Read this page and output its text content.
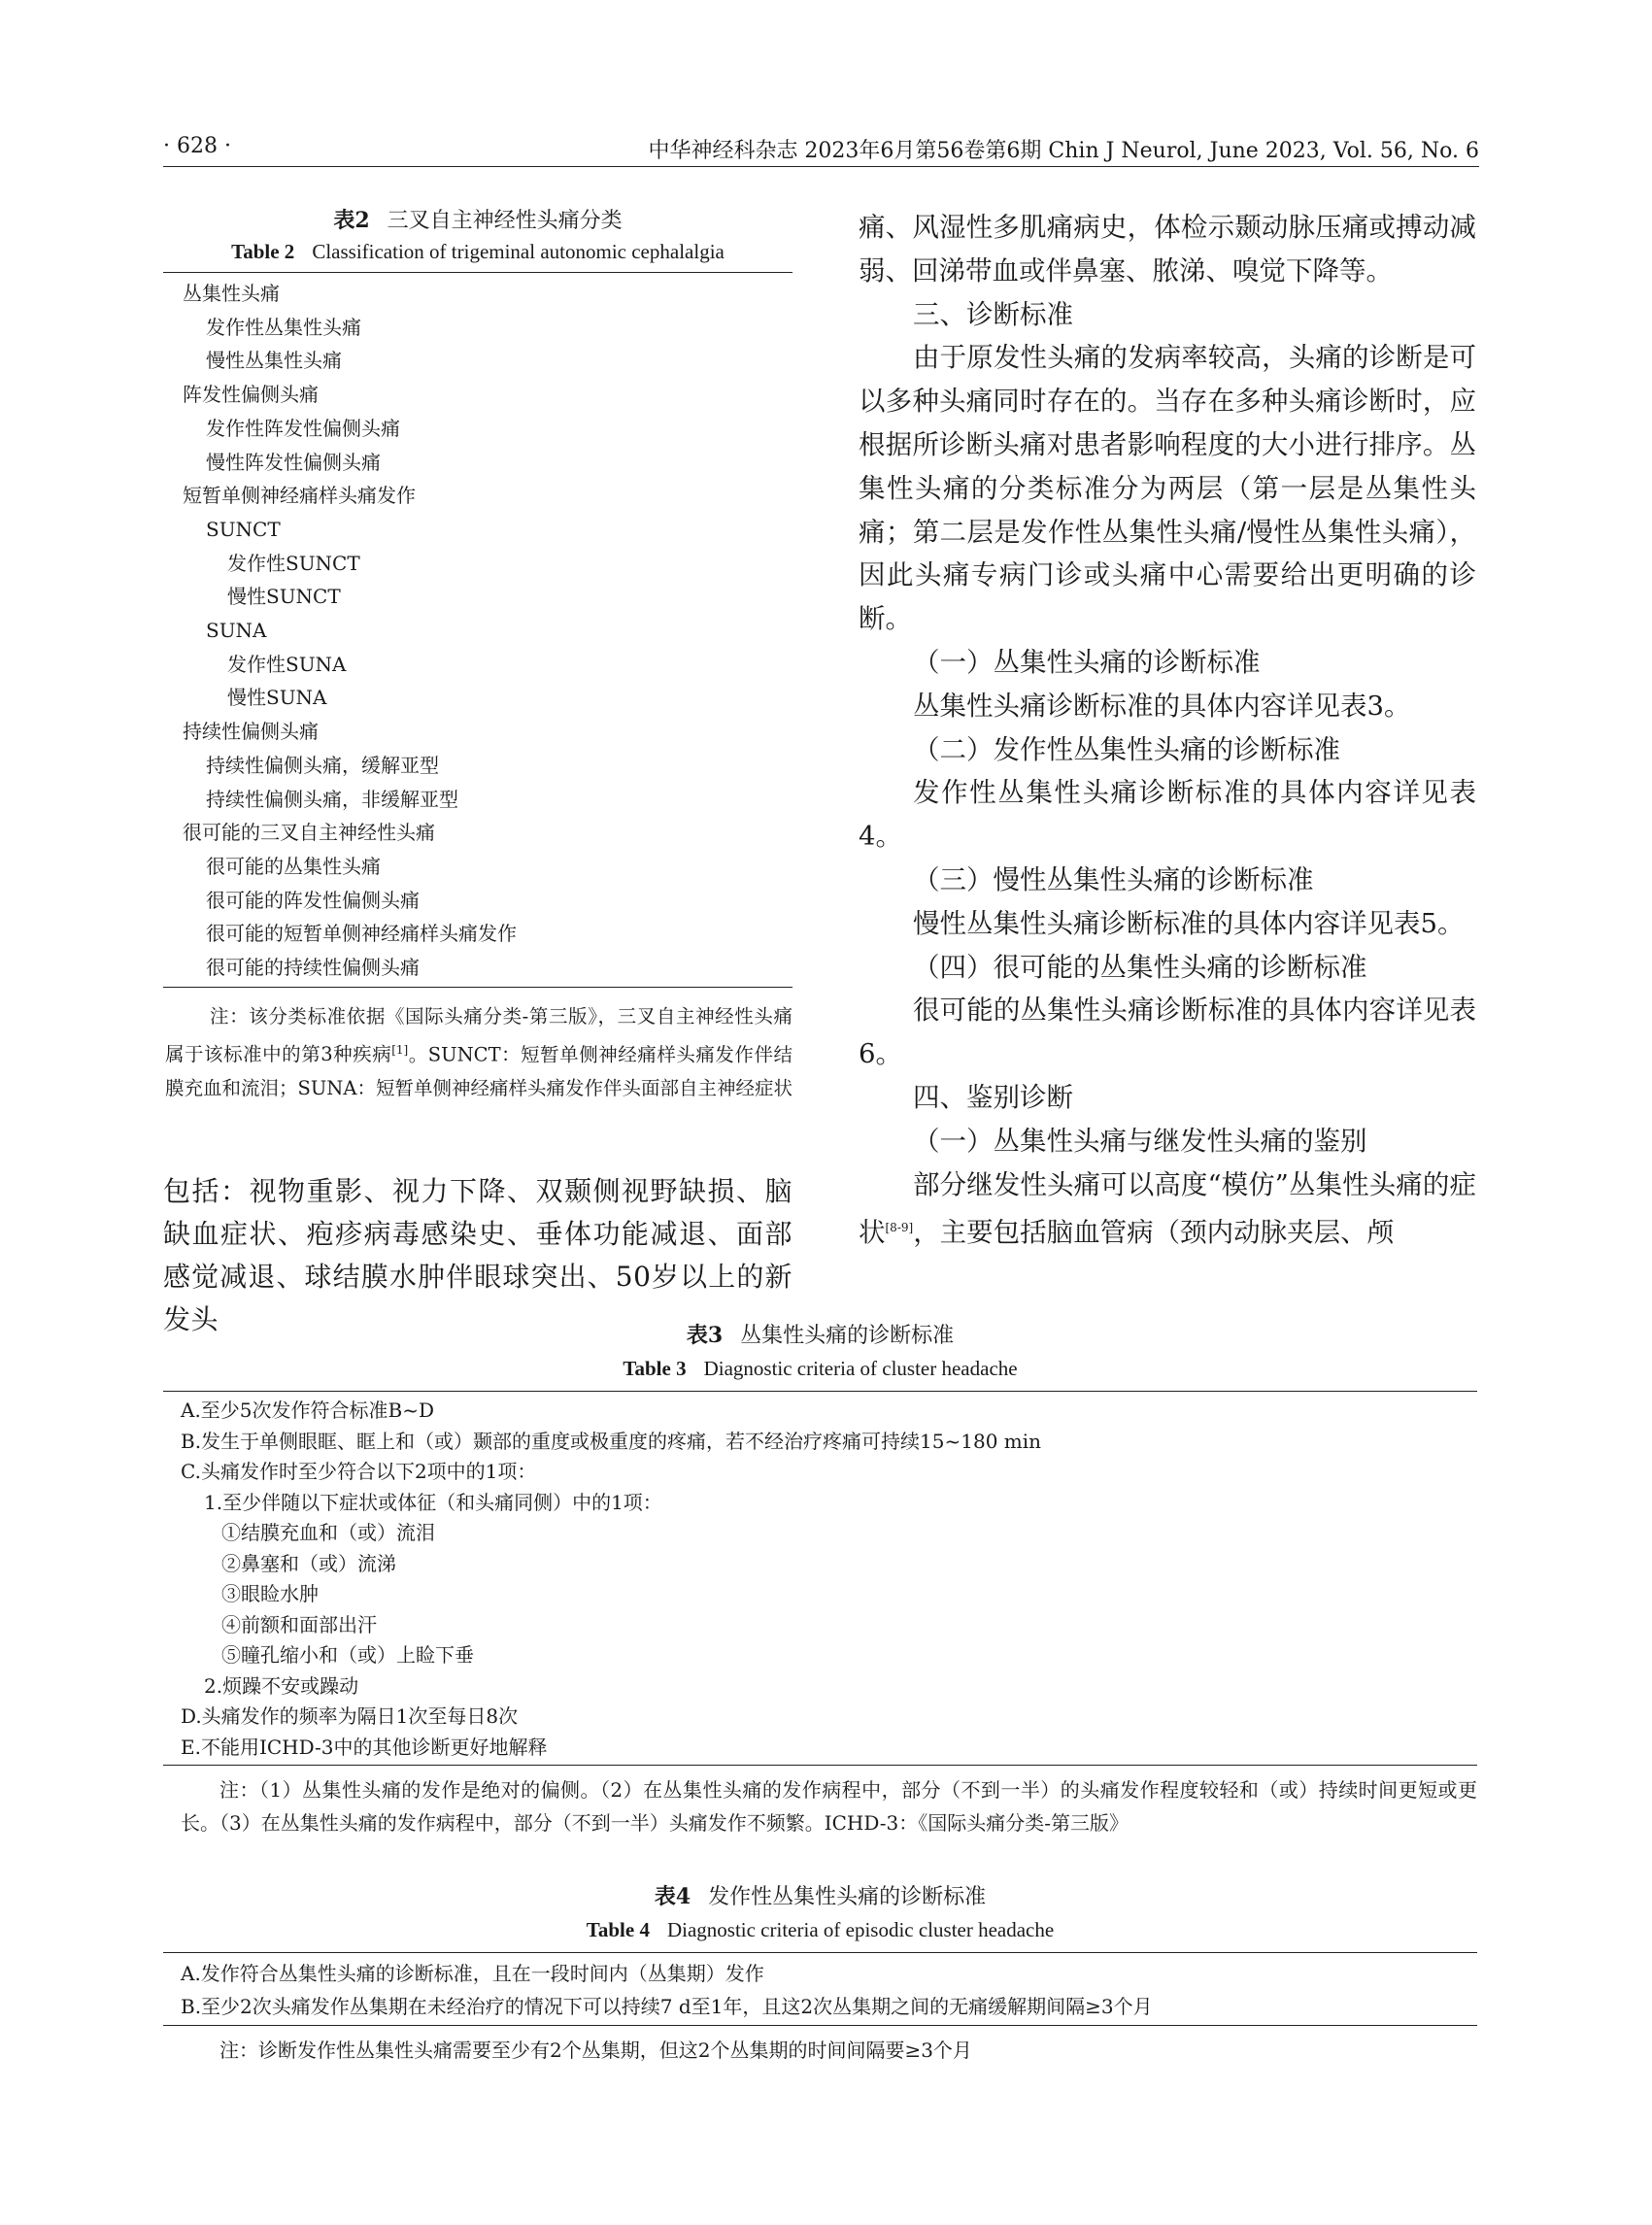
· 628 ·	中华神经科杂志 2023年6月第56卷第6期 Chin J Neurol, June 2023, Vol. 56, No. 6
表2 三叉自主神经性头痛分类
Table 2 Classification of trigeminal autonomic cephalalgia
丛集性头痛
发作性丛集性头痛
慢性丛集性头痛
阵发性偏侧头痛
发作性阵发性偏侧头痛
慢性阵发性偏侧头痛
短暂单侧神经痛样头痛发作
SUNCT
发作性SUNCT
慢性SUNCT
SUNA
发作性SUNA
慢性SUNA
持续性偏侧头痛
持续性偏侧头痛，缓解亚型
持续性偏侧头痛，非缓解亚型
很可能的三叉自主神经性头痛
很可能的丛集性头痛
很可能的阵发性偏侧头痛
很可能的短暂单侧神经痛样头痛发作
很可能的持续性偏侧头痛
注：该分类标准依据《国际头痛分类-第三版》，三叉自主神经性头痛属于该标准中的第3种疾病[1]。SUNCT：短暂单侧神经痛样头痛发作伴结膜充血和流泪；SUNA：短暂单侧神经痛样头痛发作伴头面部自主神经症状
包括：视物重影、视力下降、双颞侧视野缺损、脑缺血症状、疱疹病毒感染史、垂体功能减退、面部感觉减退、球结膜水肿伴眼球突出、50岁以上的新发头

痛、风湿性多肌痛病史，体检示颞动脉压痛或搏动减弱、回涕带血或伴鼻塞、脓涕、嗅觉下降等。

三、诊断标准

由于原发性头痛的发病率较高，头痛的诊断是可以多种头痛同时存在的。当存在多种头痛诊断时，应根据所诊断头痛对患者影响程度的大小进行排序。丛集性头痛的分类标准分为两层（第一层是丛集性头痛；第二层是发作性丛集性头痛/慢性丛集性头痛），因此头痛专病门诊或头痛中心需要给出更明确的诊断。

（一）丛集性头痛的诊断标准

丛集性头痛诊断标准的具体内容详见表3。

（二）发作性丛集性头痛的诊断标准

发作性丛集性头痛诊断标准的具体内容详见表4。

（三）慢性丛集性头痛的诊断标准

慢性丛集性头痛诊断标准的具体内容详见表5。

（四）很可能的丛集性头痛的诊断标准

很可能的丛集性头痛诊断标准的具体内容详见表6。

四、鉴别诊断

（一）丛集性头痛与继发性头痛的鉴别

部分继发性头痛可以高度“模仿”丛集性头痛的症状[8-9]，主要包括脑血管病（颈内动脉夹层、颅

表3 丛集性头痛的诊断标准
Table 3 Diagnostic criteria of cluster headache
A.至少5次发作符合标准B~D
B.发生于单侧眼眶、眶上和（或）颞部的重度或极重度的疼痛，若不经治疗疼痛可持续15~180 min
C.头痛发作时至少符合以下2项中的1项：
1.至少伴随以下症状或体征（和头痛同侧）中的1项：
①结膜充血和（或）流泪
②鼻塞和（或）流涕
③眼睑水肿
④前额和面部出汗
⑤瞳孔缩小和（或）上睑下垂
2.烦躁不安或躁动
D.头痛发作的频率为隔日1次至每日8次
E.不能用ICHD-3中的其他诊断更好地解释
注：（1）丛集性头痛的发作是绝对的偏侧。（2）在丛集性头痛的发作病程中，部分（不到一半）的头痛发作程度较轻和（或）持续时间更短或更长。（3）在丛集性头痛的发作病程中，部分（不到一半）头痛发作不频繁。ICHD-3：《国际头痛分类-第三版》
表4 发作性丛集性头痛的诊断标准
Table 4 Diagnostic criteria of episodic cluster headache
A.发作符合丛集性头痛的诊断标准，且在一段时间内（丛集期）发作
B.至少2次头痛发作丛集期在未经治疗的情况下可以持续7 d至1年，且这2次丛集期之间的无痛缓解期间隔≥3个月
注：诊断发作性丛集性头痛需要至少有2个丛集期，但这2个丛集期的时间间隔要≥3个月
